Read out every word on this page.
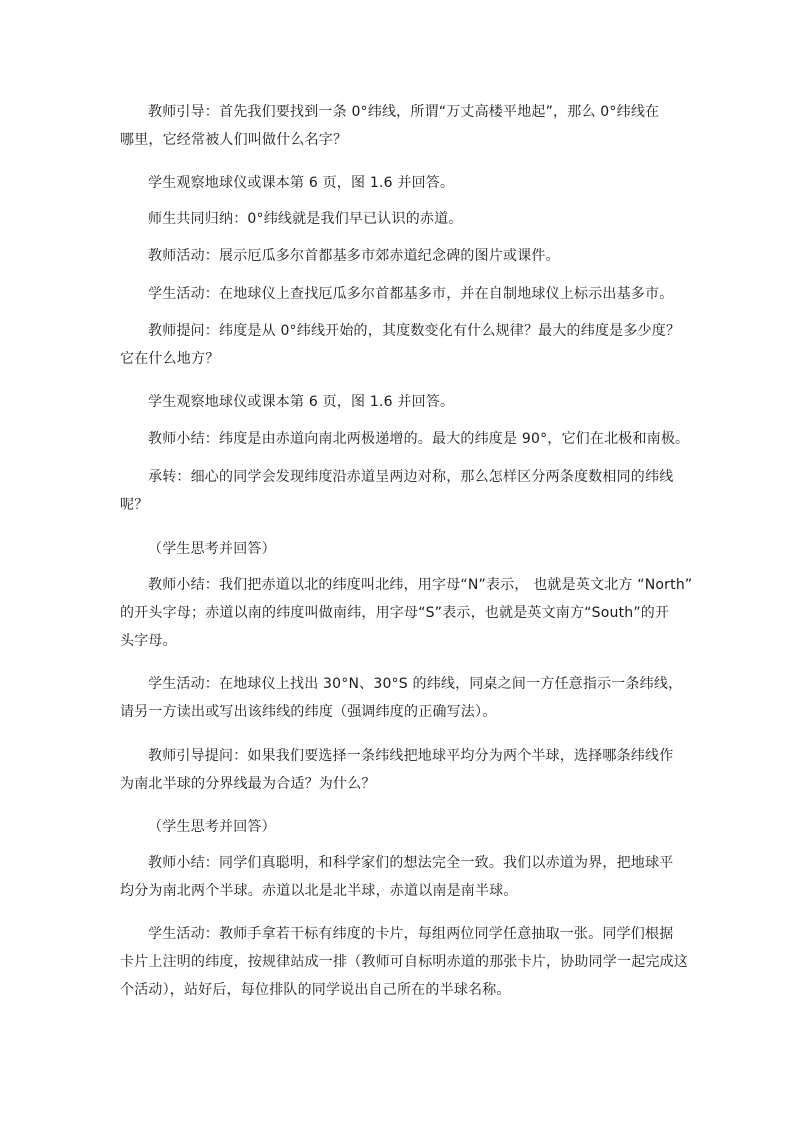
教师引导：首先我们要找到一条 0°纬线，所谓“万丈高楼平地起”，那么 0°纬线在
哪里，它经常被人们叫做什么名字？
学生观察地球仪或课本第 6 页，图 1.6 并回答。
师生共同归纳：0°纬线就是我们早已认识的赤道。
教师活动：展示厄瓜多尔首都基多市郊赤道纪念碑的图片或课件。
学生活动：在地球仪上查找厄瓜多尔首都基多市，并在自制地球仪上标示出基多市。
教师提问：纬度是从 0°纬线开始的，其度数变化有什么规律？最大的纬度是多少度？
它在什么地方？
学生观察地球仪或课本第 6 页，图 1.6 并回答。
教师小结：纬度是由赤道向南北两极递增的。最大的纬度是 90°，它们在北极和南极。
承转：细心的同学会发现纬度沿赤道呈两边对称，那么怎样区分两条度数相同的纬线
呢？
（学生思考并回答）
教师小结：我们把赤道以北的纬度叫北纬，用字母“N”表示， 也就是英文北方 “North”
的开头字母；赤道以南的纬度叫做南纬，用字母“S”表示，也就是英文南方“South”的开
头字母。
学生活动：在地球仪上找出 30°N、30°S 的纬线，同桌之间一方任意指示一条纬线，
请另一方读出或写出该纬线的纬度（强调纬度的正确写法）。
教师引导提问：如果我们要选择一条纬线把地球平均分为两个半球，选择哪条纬线作
为南北半球的分界线最为合适？为什么？
（学生思考并回答）
教师小结：同学们真聪明，和科学家们的想法完全一致。我们以赤道为界，把地球平
均分为南北两个半球。赤道以北是北半球，赤道以南是南半球。
学生活动：教师手拿若干标有纬度的卡片，每组两位同学任意抽取一张。同学们根据
卡片上注明的纬度，按规律站成一排（教师可自标明赤道的那张卡片，协助同学一起完成这
个活动），站好后，每位排队的同学说出自己所在的半球名称。
